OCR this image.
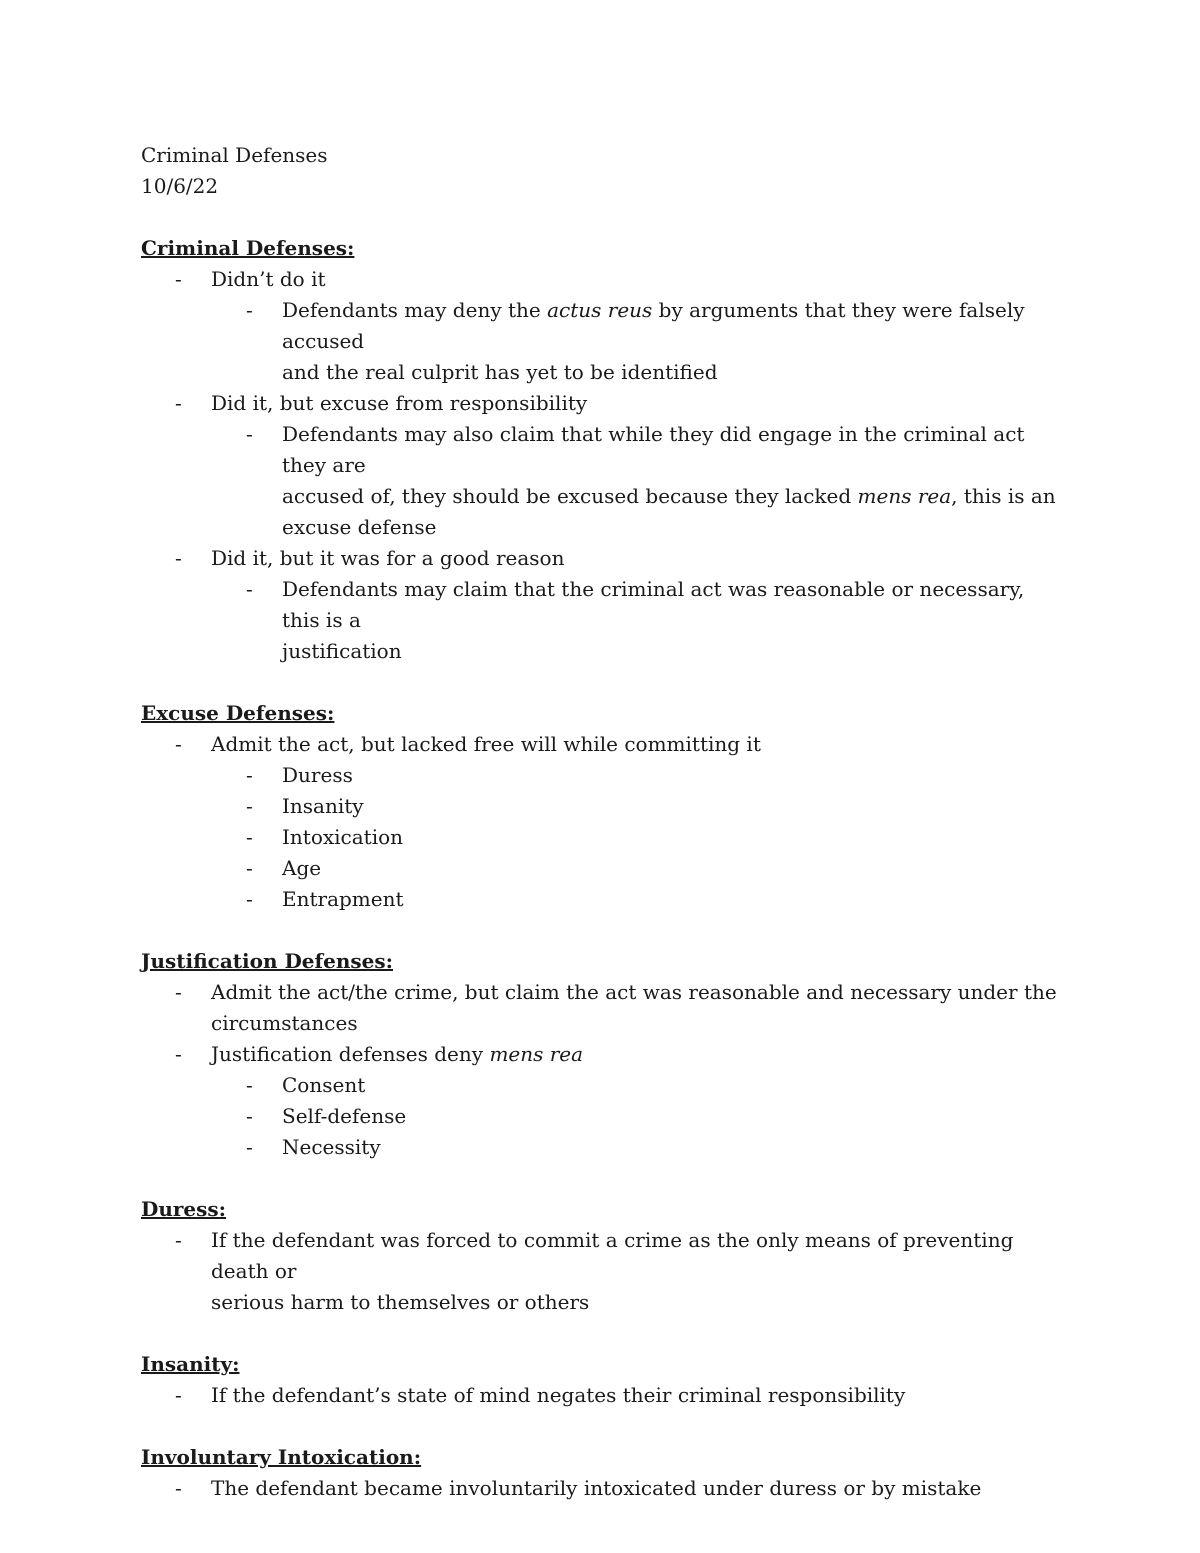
Criminal Defenses
10/6/22
Criminal Defenses:
- Didn’t do it
- Defendants may deny the actus reus by arguments that they were falsely accused
and the real culprit has yet to be identified
- Did it, but excuse from responsibility
- Defendants may also claim that while they did engage in the criminal act they are
accused of, they should be excused because they lacked mens rea, this is an
excuse defense
- Did it, but it was for a good reason
- Defendants may claim that the criminal act was reasonable or necessary, this is a
justification
Excuse Defenses:
- Admit the act, but lacked free will while committing it
- Duress
- Insanity
- Intoxication
- Age
- Entrapment
Justification Defenses:
- Admit the act/the crime, but claim the act was reasonable and necessary under the
circumstances
- Justification defenses deny mens rea
- Consent
- Self-defense
- Necessity
Duress:
- If the defendant was forced to commit a crime as the only means of preventing death or
serious harm to themselves or others
Insanity:
- If the defendant’s state of mind negates their criminal responsibility
Involuntary Intoxication:
- The defendant became involuntarily intoxicated under duress or by mistake
